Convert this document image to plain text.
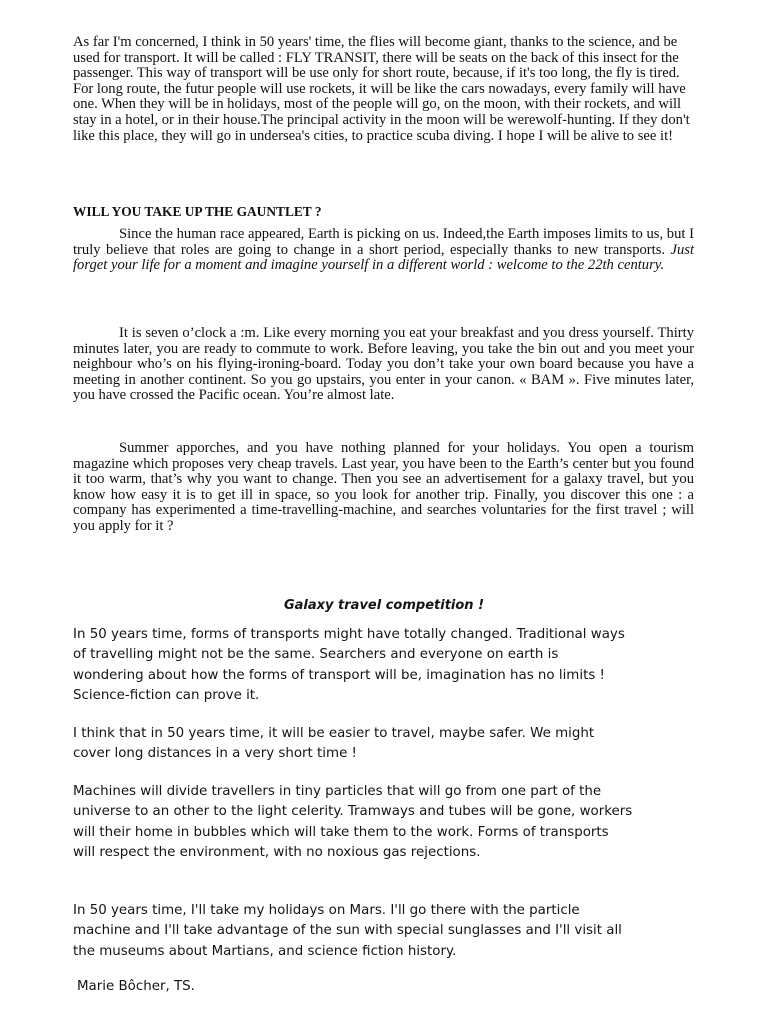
As far I'm concerned, I think in 50 years' time, the flies will become giant, thanks to the science, and be used for transport. It will be called : FLY TRANSIT, there will be seats on the back of this insect for the passenger. This way of transport will be use only for short route, because, if it's too long, the fly is tired. For long route, the futur people will use rockets, it will be like the cars nowadays, every family will have one. When they will be in holidays, most of the people will go, on the moon, with their rockets, and will stay in a hotel, or in their house.The principal activity in the moon will be werewolf-hunting. If they don't like this place, they will go in undersea's cities, to practice scuba diving. I hope I will be alive to see it!

WILL YOU TAKE UP THE GAUNTLET ?

Since the human race appeared, Earth is picking on us. Indeed,the Earth imposes limits to us, but I truly believe that roles are going to change in a short period, especially thanks to new transports. Just forget your life for a moment and imagine yourself in a different world : welcome to the 22th century.

It is seven o’clock a :m. Like every morning you eat your breakfast and you dress yourself. Thirty minutes later, you are ready to commute to work. Before leaving, you take the bin out and you meet your neighbour who’s on his flying-ironing-board. Today you don’t take your own board because you have a meeting in another continent. So you go upstairs, you enter in your canon. « BAM ». Five minutes later, you have crossed the Pacific ocean. You’re almost late.

Summer apporches, and you have nothing planned for your holidays. You open a tourism magazine which proposes very cheap travels. Last year, you have been to the Earth’s center but you found it too warm, that’s why you want to change. Then you see an advertisement for a galaxy travel, but you know how easy it is to get ill in space, so you look for another trip. Finally, you discover this one : a company has experimented a time-travelling-machine, and searches voluntaries for the first travel ; will you apply for it ?

Galaxy travel competition !

In 50 years time, forms of transports might have totally changed. Traditional ways of travelling might not be the same. Searchers and everyone on earth is wondering about how the forms of transport will be, imagination has no limits ! Science-fiction can prove it.

I think that in 50 years time, it will be easier to travel, maybe safer. We might cover long distances in a very short time !

Machines will divide travellers in tiny particles that will go from one part of the universe to an other to the light celerity. Tramways and tubes will be gone, workers will their home in bubbles which will take them to the work. Forms of transports will respect the environment, with no noxious gas rejections.

In 50 years time, I'll take my holidays on Mars. I'll go there with the particle machine and I'll take advantage of the sun with special sunglasses and I'll visit all the museums about Martians, and science fiction history.

Marie Bôcher, TS.
